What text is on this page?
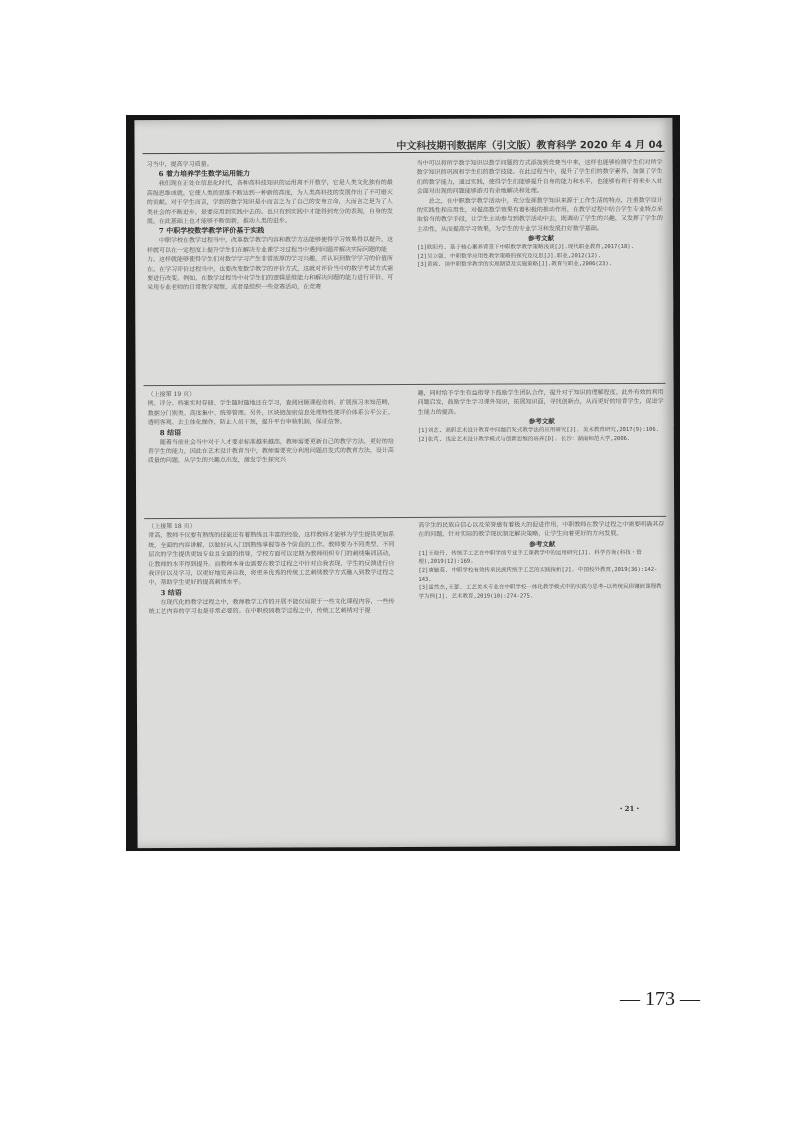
中文科技期刊数据库（引文版）教育科学 2020 年 4 月 04

习当中，提高学习质量。

6 着力培养学生数学运用能力

我们现在正处在信息化时代，各种高科技知识的运用离不开数学，它是人类文化独有的最高级思维成就。它使人类的思维不断达到一种新的高度，为人类高科技的发展作出了不可磨灭的贡献。对于学生而言，学到的数学知识是小而言之为了自己的安身立命，大而言之是为了人类社会的不断进步，是要应用到实践中去的。也只有到实践中才能得到充分的表现，自身的发展。在此基础上也才能够不断创新，推动人类的进步。

7 中职学校数学教学评价基于实践

中职学校在教学过程当中，改革数学教学内容和教学方法能够使得学习效果得以提升，这样就可以在一定程度上提升学生们在解决专业课学习过程当中遇到问题并解决实际问题的能力。这样就能够使得学生们对数学学习产生非常浓厚的学习兴趣，并认识到数学学习的价值所在。在学习评价过程当中，也要改变数学教学的评价方式，这就对评价当中的数学考试方式需要进行改变。例如，在数学过程当中对学生们的逻辑思维能力和解决问题的能力进行评价，可采用专业老师的日常教学观察，或者是组织一些竞赛活动，在竞赛

当中可以将所学数学知识以数学问题的方式添加到竞赛当中来，这样也能够检测学生们对所学数学知识的巩固和学生们的数学技能。在此过程当中，提升了学生们的数学素养，加强了学生们的数学能力，通过实践，使得学生们能够提升自身的能力和水平，也能够有利于将来步入社会面对出现的问题能够游刃有余地解决和处理。

总之，在中职数学教学活动中，充分发挥数学知识来源于工作生活的特点，注重数学设计的实践性和应用性，对提高数学效果有着积极的推动作用，在教学过程中结合学生专业特点采取恰当的教学手段，让学生主动参与到教学活动中去，既调动了学生的兴趣，又发挥了学生的主动性，从而提高学习效果，为学生的专业学习和发展打好数学基础。

参考文献

[1]欧阳丹. 基于核心素养背景下中职数学教学策略浅谈[J].现代职业教育,2017(18).

[2]吴立强. 中职数学应用性教学策略的探究及反思[J].职业,2012(12).

[3]黄霞. 谈中职数学教学的实现期望及实施策略[J].教育与职业,2006(23).

（上接第 19 页）

例、评分、档案实时存储、学生随时随地还在学习，查阅回顾课程资料、扩展预习未知范畴，数据分门别类、高度集中、统筹管理。另外，区块链加密信息处理特性使评价体系公平公正、透明客观、去主体化操作，防止人员干预，提升平台审核机制，保证信誉。

8 结语

随着当前社会当中对于人才要求标准越来越高，教师需要更新自己的教学方法，更好的培育学生的能力，因此在艺术设计教育当中，教师需要充分利用问题启发式的教育方法，设计高质量的问题，从学生的兴趣点出发，激发学生探究兴

趣，同时给予学生有益指导下鼓励学生团队合作，提升对于知识的理解程度。此外有效的利用问题启发，鼓励学生学习课外知识，拓展知识面，寻找创新点，从而更好的培育学生，促进学生能力的提高。

参考文献

[1]刘艺. 高职艺术设计教育中问题启发式教学法的应用研究[J]. 美术教育研究,2017(9):106.

[2]张芃. 浅论艺术设计教学模式与创新思维的培养[D]. 长沙：湖南师范大学,2006.

（上接第 18 页）

常高，教师不仅要有熟练的技能还有着熟练且丰富的经验，这样教师才能够为学生提供更加系统、全面的内容讲解，以做好从入门到熟练掌握等各个阶段的工作。教师要为不同类型、不同层次的学生提供更加专业且全面的指导，学校方面可以定期为教师组织专门的刺绣集训活动，让教师的水平得到提升。而教师本身也需要在教学过程之中针对自我表现、学生的反馈进行自我评价以及学习，以更好地完善自我，将更多优秀的传统工艺刺绣教学方式融入到教学过程之中，帮助学生更好的提高刺绣水平。

3 结语

在现代化的教学过程之中，教师教学工作的开展不能仅局限于一些文化课程内容，一些传统工艺内容的学习也是非常必要的。在中职校园教学过程之中，传统工艺刺绣对于提

高学生的民族自信心以及荣誉感有着极大的促进作用，中职教师在教学过程之中需要明确其存在的问题，针对实际的教学现状制定解决策略，让学生向着更好的方向发展。

参考文献

[1]王晓丹. 传统手工艺在中职学前专业手工课教学中的运用研究[J]. 科学咨询(科技・管理),2019(12):169.

[2]唐毓葵. 中职学校有效传承民族传统手工艺的实践探析[J]. 中国校外教育,2019(36):142-143.

[3]雷然杰,王蕾. 工艺美术专业在中职学校一体化教学模式中的实践与思考—以传统民俗镶嵌课程教学为例[J]. 艺术教育,2019(10):274-275.

・21・
— 173 —
